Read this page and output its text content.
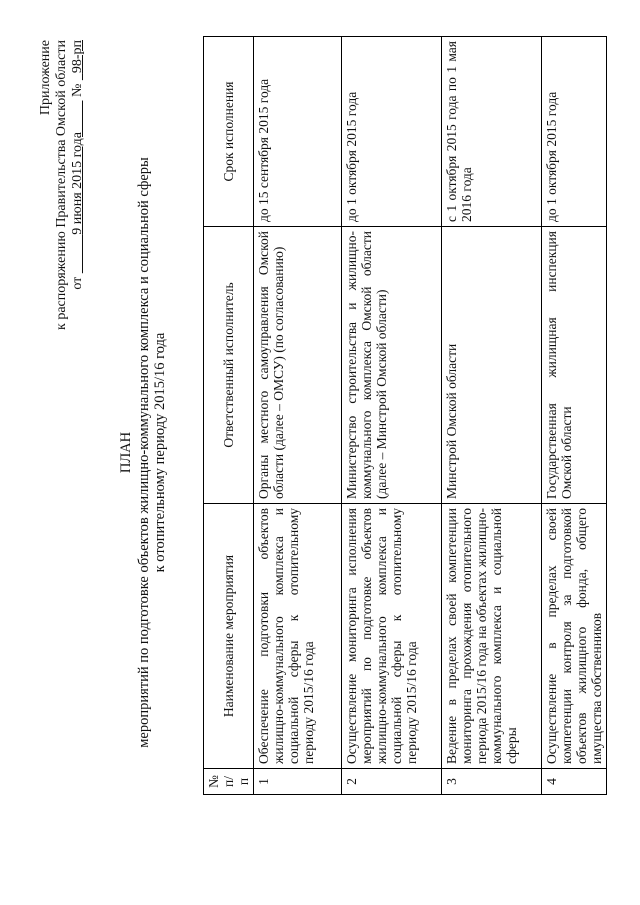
Приложение к распоряжению Правительства Омской области от            9 июня 2015 года          №   98-рп
ПЛАН мероприятий по подготовке объектов жилищно-коммунального комплекса и социальной сферы к отопительному периоду 2015/16 года
№ п/п	Наименование мероприятия	Ответственный исполнитель	Срок исполнения
1	Обеспечение подготовки объектов жилищно-коммунального комплекса и социальной сферы к отопительному периоду 2015/16 года	Органы местного самоуправления Омской области (далее – ОМСУ) (по согласованию)	до 15 сентября 2015 года
2	Осуществление мониторинга исполнения мероприятий по подготовке объектов жилищно-коммунального комплекса и социальной сферы к отопительному периоду 2015/16 года	Министерство строительства и жилищно-коммунального комплекса Омской области (далее – Минстрой Омской области)	до 1 октября 2015 года
3	Ведение в пределах своей компетенции мониторинга прохождения отопительного периода 2015/16 года на объектах жилищно-коммунального комплекса и социальной сферы	Минстрой Омской области	с 1 октября 2015 года по 1 мая 2016 года
4	Осуществление в пределах своей компетенции контроля за подготовкой объектов жилищного фонда, общего имущества собственников	Государственная жилищная инспекция Омской области	до 1 октября 2015 года
